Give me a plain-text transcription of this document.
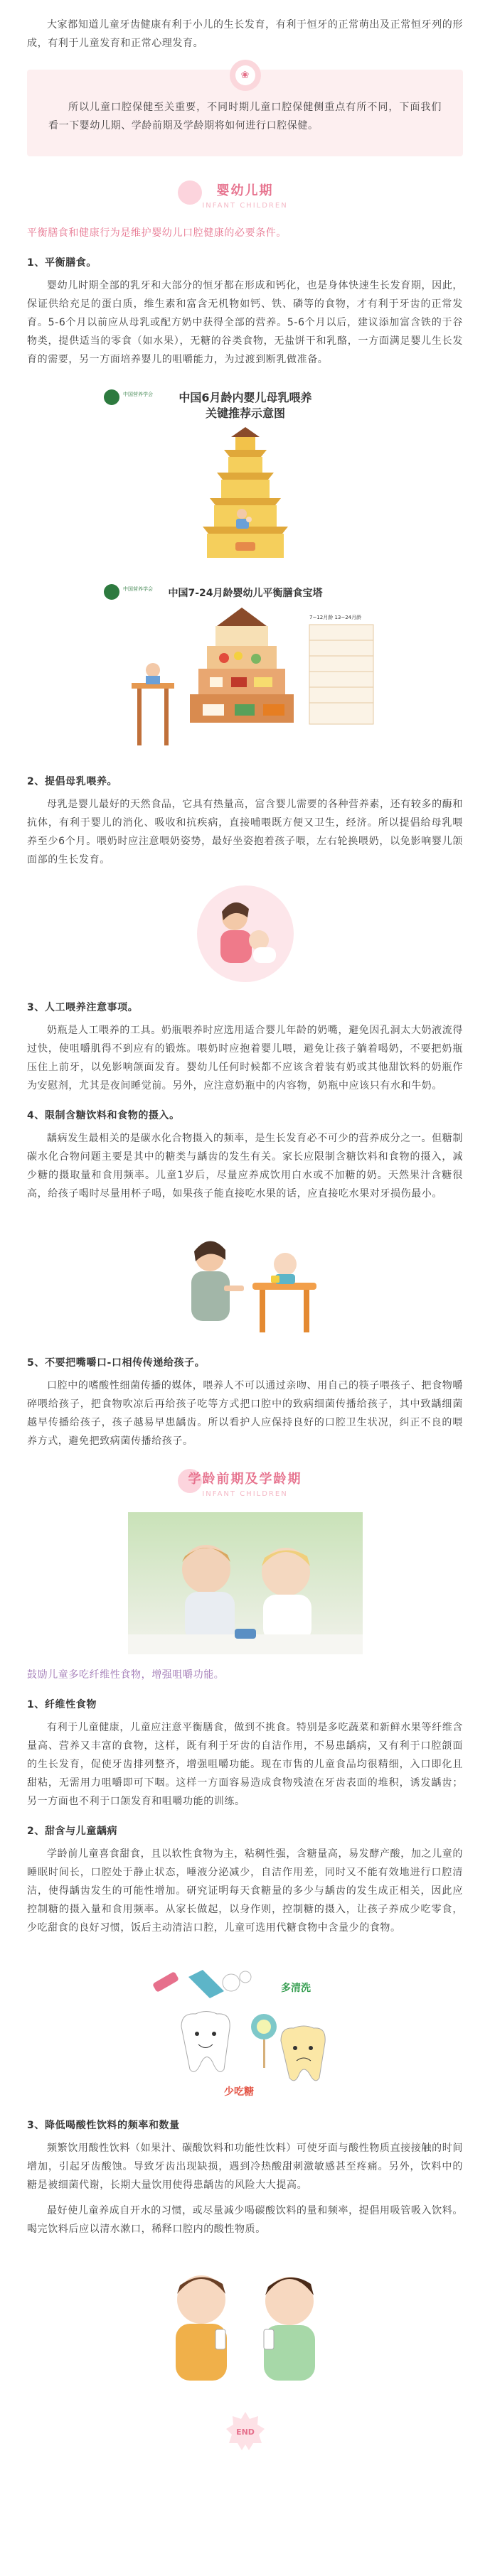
大家都知道儿童牙齿健康有利于小儿的生长发育，有利于恒牙的正常萌出及正常恒牙列的形成，有利于儿童发育和正常心理发育。

❀

所以儿童口腔保健至关重要，不同时期儿童口腔保健侧重点有所不同，下面我们看一下婴幼儿期、学龄前期及学龄期将如何进行口腔保健。

婴幼儿期
INFANT CHILDREN

平衡膳食和健康行为是维护婴幼儿口腔健康的必要条件。

1、平衡膳食。

婴幼儿时期全部的乳牙和大部分的恒牙都在形成和钙化，也是身体快速生长发育期，因此，保证供给充足的蛋白质，维生素和富含无机物如钙、铁、磷等的食物，才有利于牙齿的正常发育。5-6个月以前应从母乳或配方奶中获得全部的营养。5-6个月以后，建议添加富含铁的于谷物类，提供适当的零食（如水果），无糖的谷类食物，无盐饼干和乳酪，一方面满足婴儿生长发育的需要，另一方面培养婴儿的咀嚼能力，为过渡到断乳做准备。

中国营养学会 中国6月龄内婴儿母乳喂养
关键推荐示意图
中国营养学会 中国7-24月龄婴幼儿平衡膳食宝塔
7~12月龄 13~24月龄

2、提倡母乳喂养。

母乳是婴儿最好的天然食品，它具有热量高，富含婴儿需要的各种营养素，还有较多的酶和抗体，有利于婴儿的消化、吸收和抗疾病，直接哺喂既方便又卫生，经济。所以提倡给母乳喂养至少6个月。喂奶时应注意喂奶姿势，最好坐姿抱着孩子喂，左右轮换喂奶，以免影响婴儿颌面部的生长发育。

3、人工喂养注意事项。

奶瓶是人工喂养的工具。奶瓶喂养时应选用适合婴儿年龄的奶嘴，避免因孔洞太大奶液流得过快，使咀嚼肌得不到应有的锻炼。喂奶时应抱着婴儿喂，避免让孩子躺着喝奶，不要把奶瓶压住上前牙，以免影响颌面发育。婴幼儿任何时候都不应该含着装有奶或其他甜饮料的奶瓶作为安慰剂，尤其是夜间睡觉前。另外，应注意奶瓶中的内容物，奶瓶中应该只有水和牛奶。

4、限制含糖饮料和食物的摄入。

龋病发生最相关的是碳水化合物摄入的频率，是生长发育必不可少的营养成分之一。但糖制碳水化合物问题主要是其中的糖类与龋齿的发生有关。家长应限制含糖饮料和食物的摄入，减少糖的摄取量和食用频率。儿童1岁后，尽量应养成饮用白水或不加糖的奶。天然果汁含糖很高，给孩子喝时尽量用杯子喝，如果孩子能直接吃水果的话，应直接吃水果对牙损伤最小。

5、不要把嘴嚼口-口相传传递给孩子。

口腔中的嗜酸性细菌传播的媒体，喂养人不可以通过亲吻、用自己的筷子喂孩子、把食物嚼碎喂给孩子，把食物吹凉后再给孩子吃等方式把口腔中的致病细菌传播给孩子，其中致龋细菌越早传播给孩子，孩子越易早患龋齿。所以看护人应保持良好的口腔卫生状况，纠正不良的喂养方式，避免把致病菌传播给孩子。

学龄前期及学龄期
INFANT CHILDREN

鼓励儿童多吃纤维性食物，增强咀嚼功能。

1、纤维性食物

有利于儿童健康，儿童应注意平衡膳食，做到不挑食。特别是多吃蔬菜和新鲜水果等纤维含量高、营养又丰富的食物，这样，既有利于牙齿的自洁作用，不易患龋病，又有利于口腔颌面的生长发育，促使牙齿排列整齐，增强咀嚼功能。现在市售的儿童食品均很精细，入口即化且甜粘，无需用力咀嚼即可下咽。这样一方面容易造成食物残渣在牙齿表面的堆积，诱发龋齿；另一方面也不利于口颌发育和咀嚼功能的训练。

2、甜含与儿童龋病

学龄前儿童喜食甜食，且以软性食物为主，粘稠性强，含糖量高，易发酵产酸，加之儿童的睡眠时间长，口腔处于静止状态，唾液分泌减少，自洁作用差，同时又不能有效地进行口腔清洁，使得龋齿发生的可能性增加。研究证明每天食糖量的多少与龋齿的发生成正相关，因此应控制糖的摄入量和食用频率。从家长做起，以身作则，控制糖的摄入，让孩子养成少吃零食，少吃甜食的良好习惯，饭后主动清洁口腔，儿童可选用代糖食物中含量少的食物。

多清洗
少吃糖

3、降低喝酸性饮料的频率和数量

频繁饮用酸性饮料（如果汁、碳酸饮料和功能性饮料）可使牙面与酸性物质直接接触的时间增加，引起牙齿酸蚀。导致牙齿出现缺损，遇到冷热酸甜刺激敏感甚至疼痛。另外，饮料中的糖是被细菌代谢，长期大量饮用使得患龋齿的风险大大提高。

最好使儿童养成自开水的习惯，或尽量减少喝碳酸饮料的量和频率，提倡用吸管吸入饮料。喝完饮料后应以清水漱口，稀释口腔内的酸性物质。

END
